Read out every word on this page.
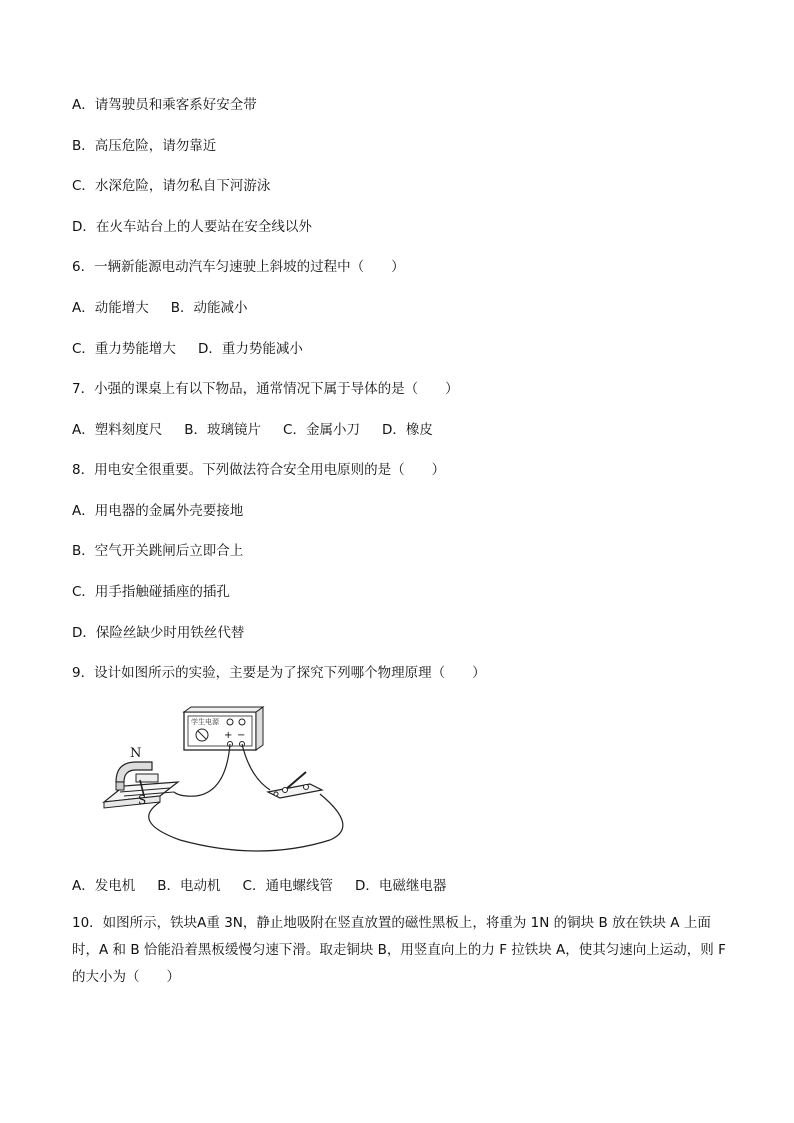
A．请驾驶员和乘客系好安全带
B．高压危险，请勿靠近
C．水深危险，请勿私自下河游泳
D．在火车站台上的人要站在安全线以外
6．一辆新能源电动汽车匀速驶上斜坡的过程中（　　）
A．动能增大 B．动能减小
C．重力势能增大 D．重力势能减小
7．小强的课桌上有以下物品，通常情况下属于导体的是（　　）
A．塑料刻度尺 B．玻璃镜片 C．金属小刀 D．橡皮
8．用电安全很重要。下列做法符合安全用电原则的是（　　）
A．用电器的金属外壳要接地
B．空气开关跳闸后立即合上
C．用手指触碰插座的插孔
D．保险丝缺少时用铁丝代替
9．设计如图所示的实验，主要是为了探究下列哪个物理原理（　　）
学生电源
+ −
N
S
A．发电机 B．电动机 C．通电螺线管 D．电磁继电器
10．如图所示，铁块A重 3N，静止地吸附在竖直放置的磁性黑板上，将重为 1N 的铜块 B 放在铁块 A 上面时，A 和 B 恰能沿着黑板缓慢匀速下滑。取走铜块 B，用竖直向上的力 F 拉铁块 A，使其匀速向上运动，则 F 的大小为（　　）
